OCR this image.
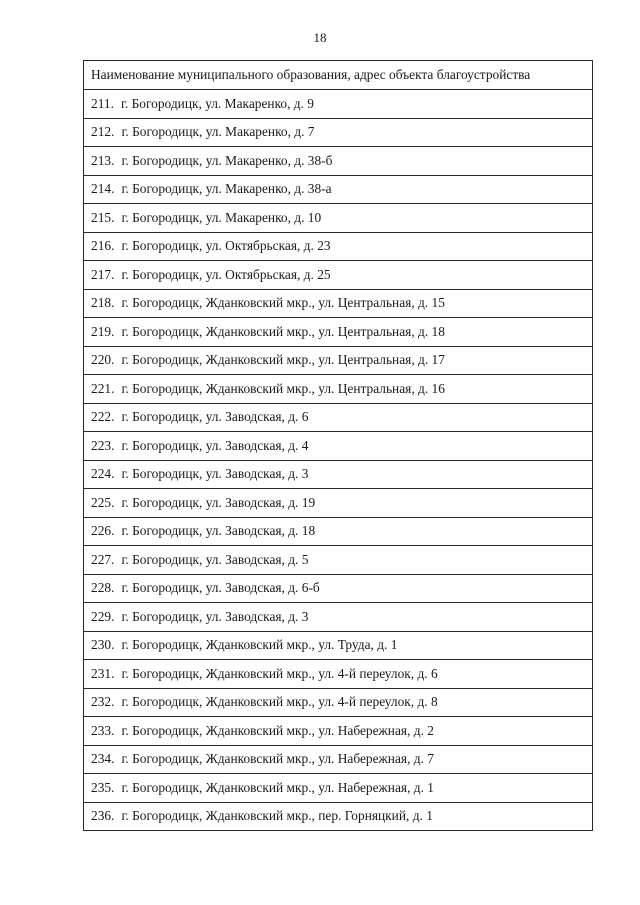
18
Наименование муниципального образования, адрес объекта благоустройства
211. г. Богородицк, ул. Макаренко, д. 9
212. г. Богородицк, ул. Макаренко, д. 7
213. г. Богородицк, ул. Макаренко, д. 38-б
214. г. Богородицк, ул. Макаренко, д. 38-а
215. г. Богородицк, ул. Макаренко, д. 10
216. г. Богородицк, ул. Октябрьская, д. 23
217. г. Богородицк, ул. Октябрьская, д. 25
218. г. Богородицк, Жданковский мкр., ул. Центральная, д. 15
219. г. Богородицк, Жданковский мкр., ул. Центральная, д. 18
220. г. Богородицк, Жданковский мкр., ул. Центральная, д. 17
221. г. Богородицк, Жданковский мкр., ул. Центральная, д. 16
222. г. Богородицк, ул. Заводская, д. 6
223. г. Богородицк, ул. Заводская, д. 4
224. г. Богородицк, ул. Заводская, д. 3
225. г. Богородицк, ул. Заводская, д. 19
226. г. Богородицк, ул. Заводская, д. 18
227. г. Богородицк, ул. Заводская, д. 5
228. г. Богородицк, ул. Заводская, д. 6-б
229. г. Богородицк, ул. Заводская, д. 3
230. г. Богородицк, Жданковский мкр., ул. Труда, д. 1
231. г. Богородицк, Жданковский мкр., ул. 4-й переулок, д. 6
232. г. Богородицк, Жданковский мкр., ул. 4-й переулок, д. 8
233. г. Богородицк, Жданковский мкр., ул. Набережная, д. 2
234. г. Богородицк, Жданковский мкр., ул. Набережная, д. 7
235. г. Богородицк, Жданковский мкр., ул. Набережная, д. 1
236. г. Богородицк, Жданковский мкр., пер. Горняцкий, д. 1
